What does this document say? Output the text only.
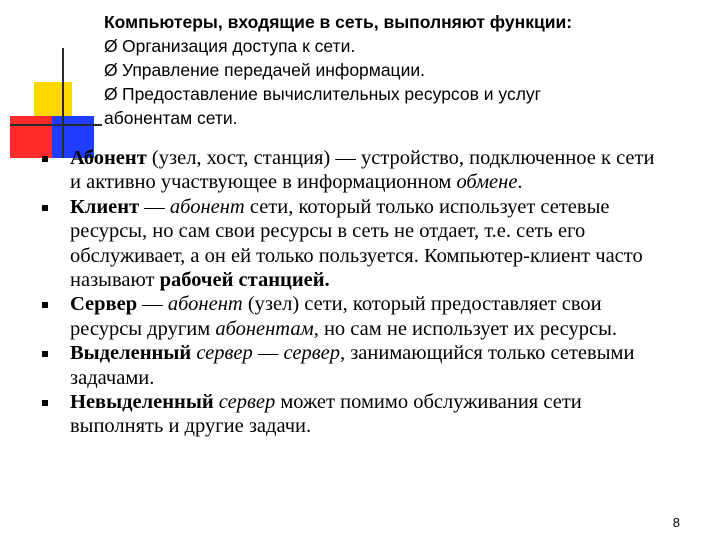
Компьютеры, входящие в сеть, выполняют функции:

Ø Организация доступа к сети.

Ø Управление передачей информации.

Ø Предоставление вычислительных ресурсов и услуг

абонентам сети.

Абонент (узел, хост, станция) — устройство, подключенное к сети и активно участвующее в информационном обмене.
Клиент — абонент сети, который только использует сетевые ресурсы, но сам свои ресурсы в сеть не отдает, т.е. сеть его обслуживает, а он ей только пользуется. Компьютер-клиент часто называют рабочей станцией.
Сервер — абонент (узел) сети, который предоставляет свои ресурсы другим абонентам, но сам не использует их ресурсы.
Выделенный сервер — сервер, занимающийся только сетевыми задачами.
Невыделенный сервер может помимо обслуживания сети выполнять и другие задачи.
8
